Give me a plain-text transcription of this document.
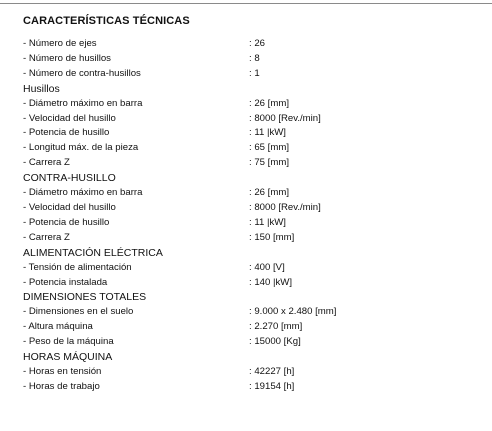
CARACTERÍSTICAS TÉCNICAS
- Número de ejes	: 26
- Número de husillos	: 8
- Número de contra-husillos	: 1
Husillos
- Diámetro máximo en barra	: 26 [mm]
- Velocidad del husillo	: 8000 [Rev./min]
- Potencia de husillo	: 11 |kW]
- Longitud máx. de la pieza	: 65 [mm]
- Carrera Z	: 75 [mm]
CONTRA-HUSILLO
- Diámetro máximo en barra	: 26 [mm]
- Velocidad del husillo	: 8000 [Rev./min]
- Potencia de husillo	: 11 |kW]
- Carrera Z	: 150 [mm]
ALIMENTACIÓN ELÉCTRICA
- Tensión de alimentación	: 400 [V]
- Potencia instalada	: 140 |kW]
DIMENSIONES TOTALES
- Dimensiones en el suelo	: 9.000 x 2.480 [mm]
- Altura máquina	: 2.270 [mm]
- Peso de la máquina	: 15000 [Kg]
HORAS MÁQUINA
- Horas en tensión	: 42227 [h]
- Horas de trabajo	: 19154 [h]
